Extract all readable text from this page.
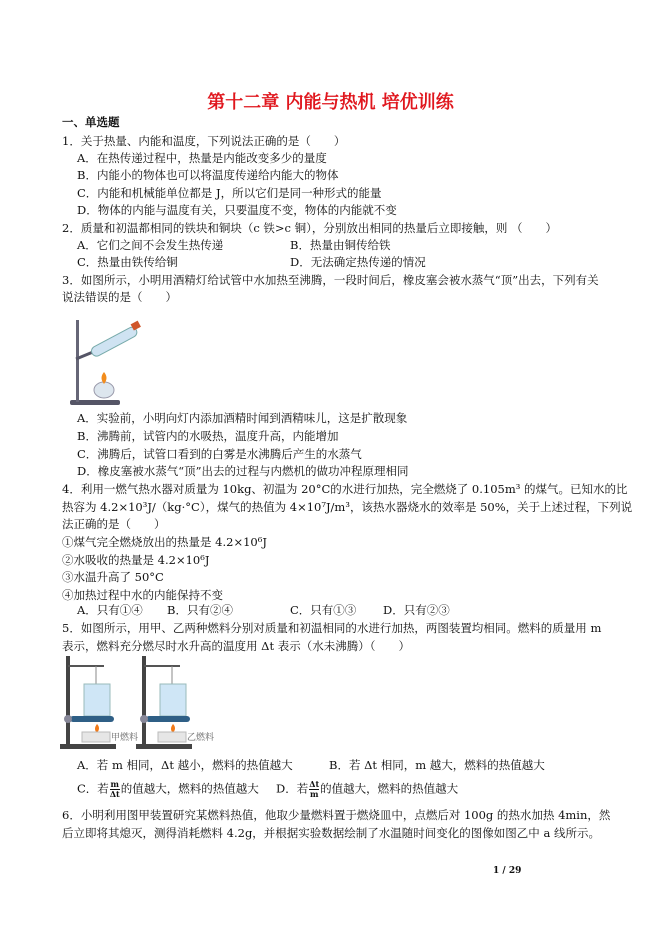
第十二章 内能与热机 培优训练
一、单选题
1．关于热量、内能和温度，下列说法正确的是（　　）
A．在热传递过程中，热量是内能改变多少的量度
B．内能小的物体也可以将温度传递给内能大的物体
C．内能和机械能单位都是 J，所以它们是同一种形式的能量
D．物体的内能与温度有关，只要温度不变，物体的内能就不变
2．质量和初温都相同的铁块和铜块（c 铁>c 铜），分别放出相同的热量后立即接触，则 （　　）
A．它们之间不会发生热传递	B．热量由铜传给铁
C．热量由铁传给铜	D．无法确定热传递的情况
3．如图所示，小明用酒精灯给试管中水加热至沸腾，一段时间后，橡皮塞会被水蒸气“顶”出去，下列有关
说法错误的是（　　）
A．实验前，小明向灯内添加酒精时闻到酒精味儿，这是扩散现象
B．沸腾前，试管内的水吸热，温度升高，内能增加
C．沸腾后，试管口看到的白雾是水沸腾后产生的水蒸气
D．橡皮塞被水蒸气“顶”出去的过程与内燃机的做功冲程原理相同
4．利用一燃气热水器对质量为 10kg、初温为 20°C的水进行加热，完全燃烧了 0.105m³ 的煤气。已知水的比
热容为 4.2×10³J/（kg·°C），煤气的热值为 4×10⁷J/m³，该热水器烧水的效率是 50%，关于上述过程，下列说
法正确的是（　　）
①煤气完全燃烧放出的热量是 4.2×10⁶J
②水吸收的热量是 4.2×10⁶J
③水温升高了 50°C
④加热过程中水的内能保持不变
A．只有①④ B．只有②④	C．只有①③ D．只有②③
5．如图所示，用甲、乙两种燃料分别对质量和初温相同的水进行加热，两图装置均相同。燃料的质量用 m
表示，燃料充分燃尽时水升高的温度用 Δt 表示（水未沸腾）（　　）
甲燃料	乙燃料
A．若 m 相同，Δt 越小，燃料的热值越大	B．若 Δt 相同，m 越大，燃料的热值越大
C．若 $\frac{m}{\Delta t}$ 的值越大，燃料的热值越大 D．若 $\frac{\Delta t}{m}$ 的值越大，燃料的热值越大
6．小明利用图甲装置研究某燃料热值，他取少量燃料置于燃烧皿中，点燃后对 100g 的热水加热 4min，然
后立即将其熄灭，测得消耗燃料 4.2g，并根据实验数据绘制了水温随时间变化的图像如图乙中 a 线所示。
1 / 29
